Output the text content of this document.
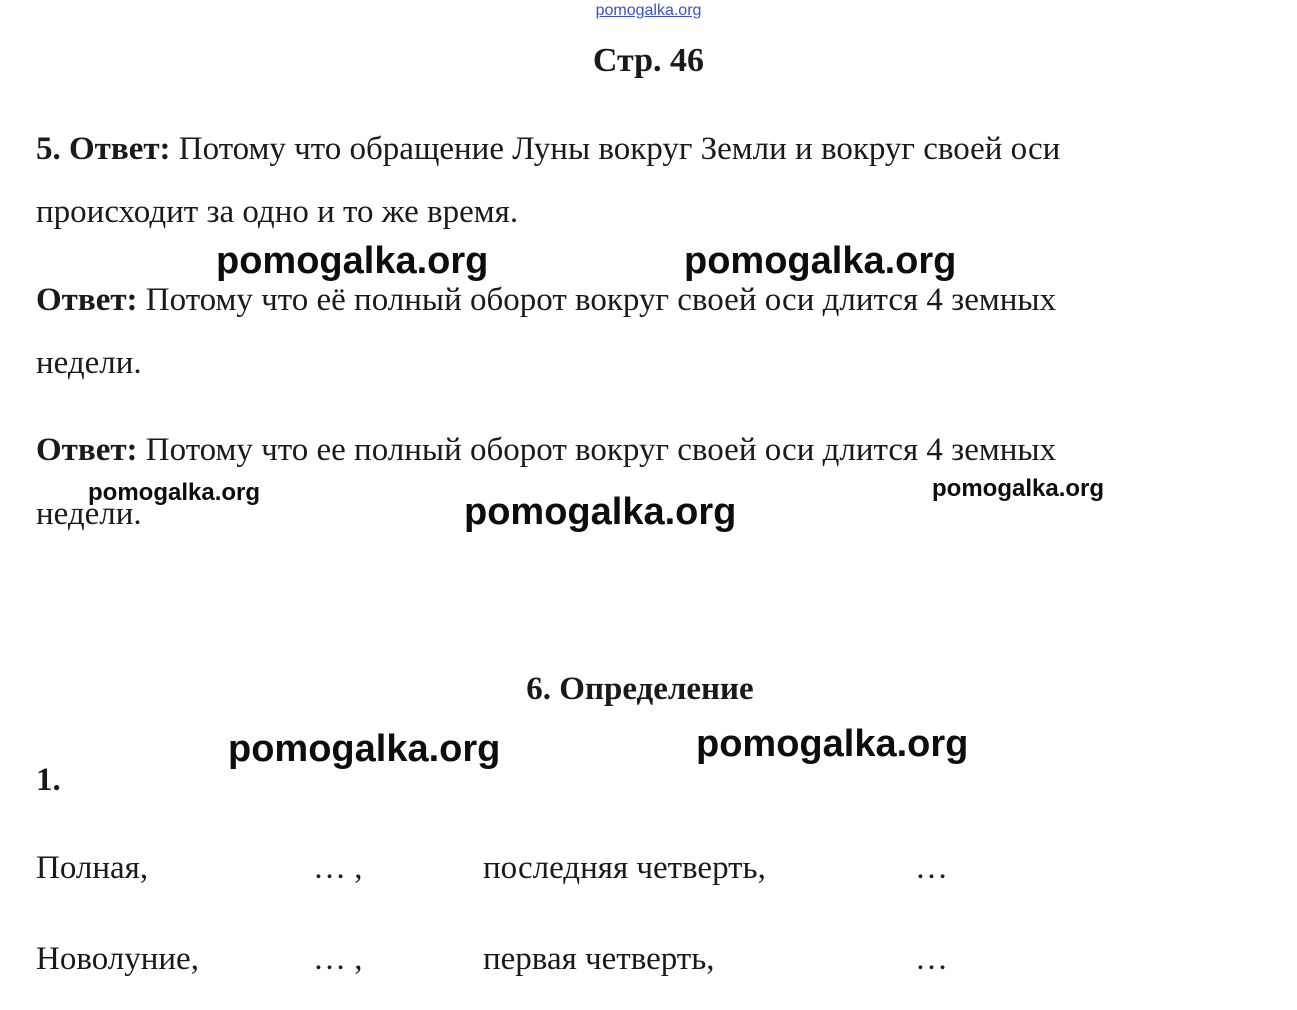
pomogalka.org
Стр. 46
5. Ответ: Потому что обращение Луны вокруг Земли и вокруг своей оси
происходит за одно и то же время.
Ответ: Потому что её полный оборот вокруг своей оси длится 4 земных
недели.
Ответ: Потому что ее полный оборот вокруг своей оси длится 4 земных
недели.
6. Определение
1.
Полная,	… ,	последняя четверть,	…
Новолуние,	… ,	первая четверть,	…
pomogalka.org	pomogalka.org
pomogalka.org	pomogalka.org
pomogalka.org
pomogalka.org	pomogalka.org
